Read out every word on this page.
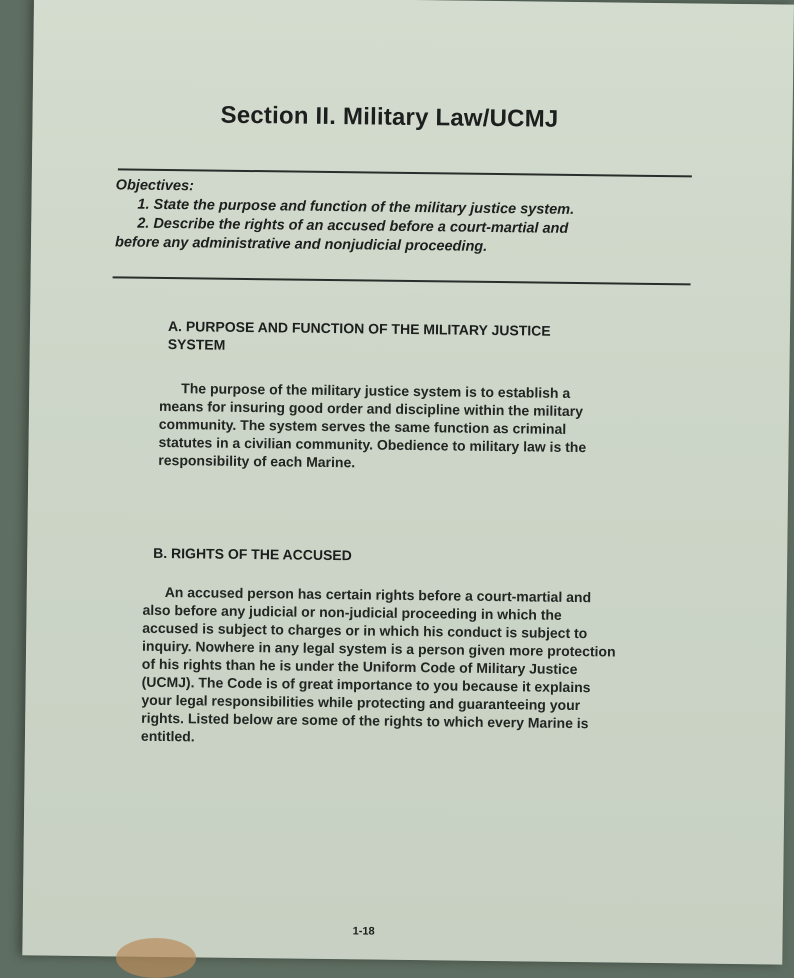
Section II. Military Law/UCMJ
Objectives:
1. State the purpose and function of the military justice system.
2. Describe the rights of an accused before a court-martial and
before any administrative and nonjudicial proceeding.
A. PURPOSE AND FUNCTION OF THE MILITARY JUSTICE SYSTEM
The purpose of the military justice system is to establish a means for insuring good order and discipline within the military community. The system serves the same function as criminal statutes in a civilian community. Obedience to military law is the responsibility of each Marine.
B. RIGHTS OF THE ACCUSED
An accused person has certain rights before a court-martial and also before any judicial or non-judicial proceeding in which the accused is subject to charges or in which his conduct is subject to inquiry. Nowhere in any legal system is a person given more protection of his rights than he is under the Uniform Code of Military Justice (UCMJ). The Code is of great importance to you because it explains your legal responsibilities while protecting and guaranteeing your rights. Listed below are some of the rights to which every Marine is entitled.
1-18
